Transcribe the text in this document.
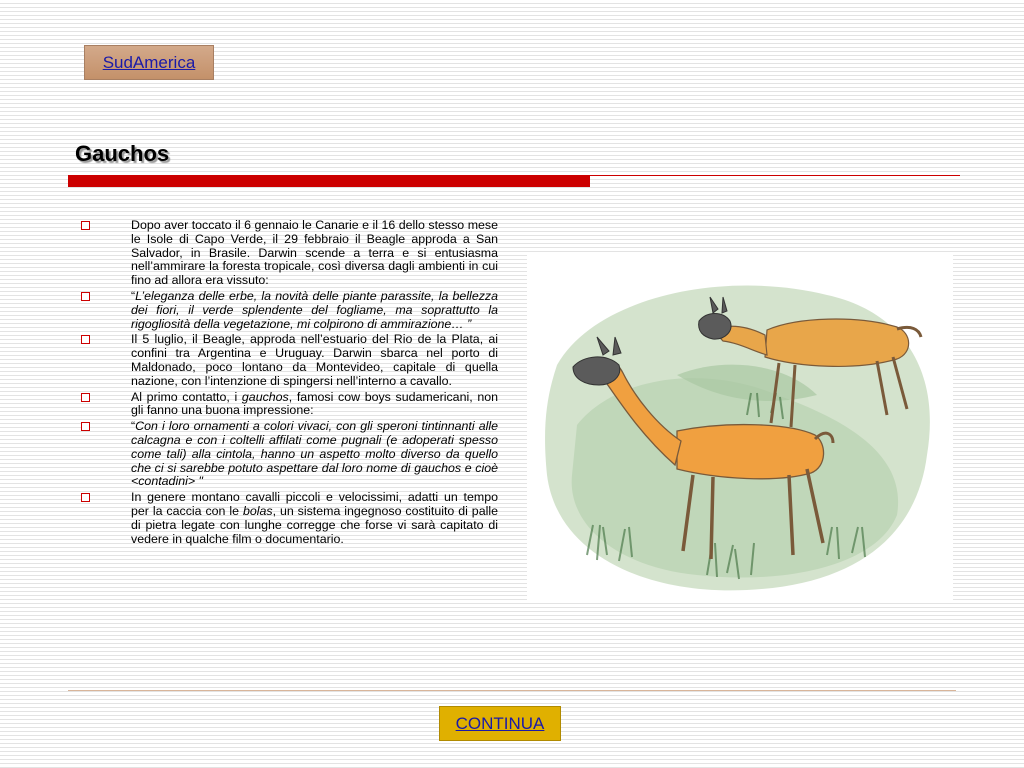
SudAmerica
Gauchos
Dopo aver toccato il 6 gennaio le Canarie e il 16 dello stesso mese le Isole di Capo Verde, il 29 febbraio il Beagle approda a San Salvador, in Brasile. Darwin scende a terra e si entusiasma nell’ammirare la foresta tropicale, così diversa dagli ambienti in cui fino ad allora era vissuto:
“L’eleganza delle erbe, la novità delle piante parassite, la bellezza dei fiori, il verde splendente del fogliame, ma soprattutto la rigogliosità della vegetazione, mi colpirono di ammirazione… ”
Il 5 luglio, il Beagle, approda nell’estuario del Rio de la Plata, ai confini tra Argentina e Uruguay. Darwin sbarca nel porto di Maldonado, poco lontano da Montevideo, capitale di quella nazione, con l’intenzione di spingersi nell’interno a cavallo.
Al primo contatto, i gauchos, famosi cow boys sudamericani, non gli fanno una buona impressione:
“Con i loro ornamenti a colori vivaci, con gli speroni tintinnanti alle calcagna e con i coltelli affilati come pugnali (e adoperati spesso come tali) alla cintola, hanno un aspetto molto diverso da quello che ci si sarebbe potuto aspettare dal loro nome di gauchos e cioè <contadini> "
In genere montano cavalli piccoli e velocissimi, adatti un tempo per la caccia con le bolas, un sistema ingegnoso costituito di palle di pietra legate con lunghe corregge che forse vi sarà capitato di vedere in qualche film o documentario.
CONTINUA
